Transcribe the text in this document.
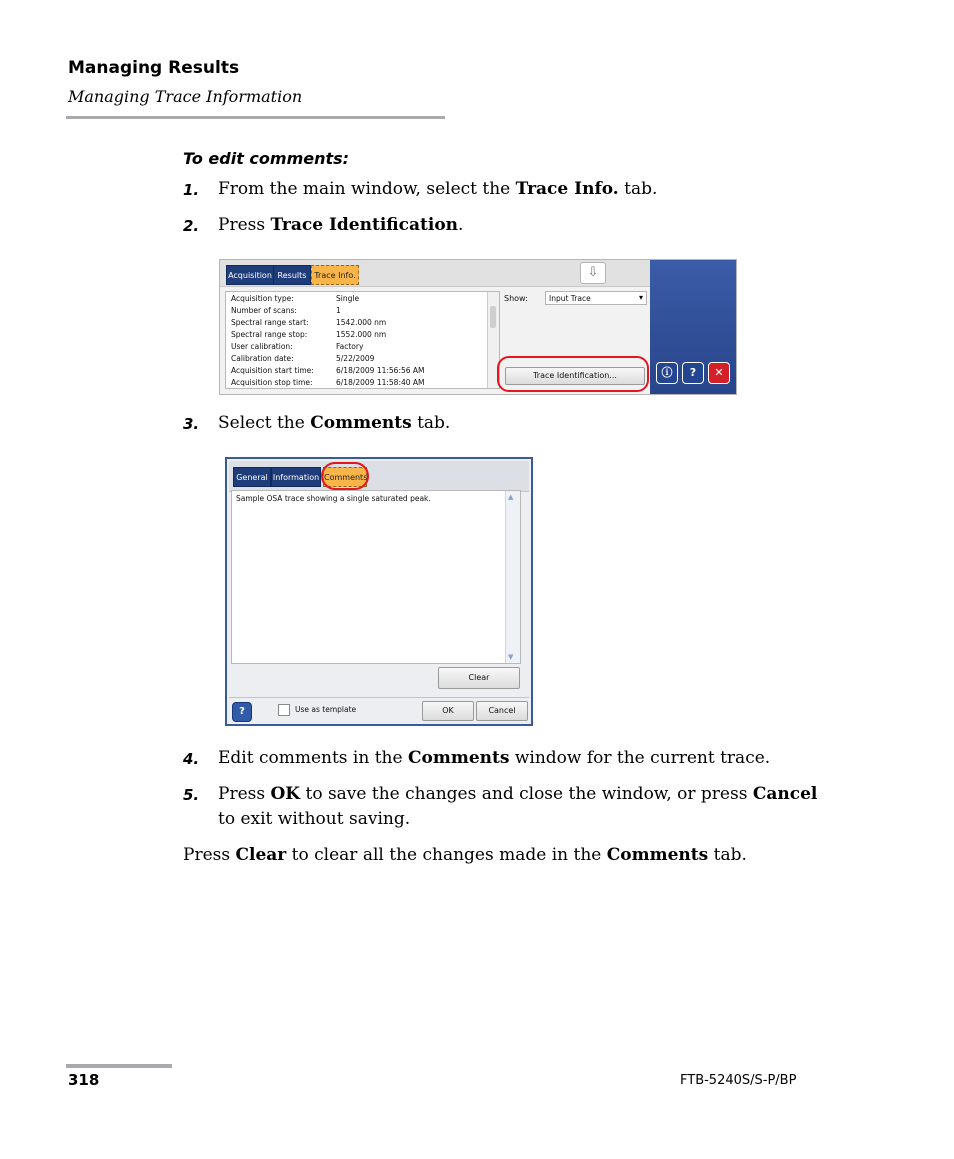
Managing Results
Managing Trace Information
To edit comments:
1. From the main window, select the Trace Info. tab.
2. Press Trace Identification.
Acquisition Results Trace Info.	⇩
Acquisition type:	Single
Number of scans:	1
Spectral range start:	1542.000 nm
Spectral range stop:	1552.000 nm
User calibration:	Factory
Calibration date:	5/22/2009
Acquisition start time:	6/18/2009 11:56:56 AM
Acquisition stop time:	6/18/2009 11:58:40 AM
Show:	Input Trace	▾
Trace Identification...	ⓘ	?	✕
3. Select the Comments tab.
General Information Comments
Sample OSA trace showing a single saturated peak.	▲
▼
Clear
?	Use as template	OK	Cancel
4. Edit comments in the Comments window for the current trace.
5. Press OK to save the changes and close the window, or press Cancel to exit without saving.
Press Clear to clear all the changes made in the Comments tab.
318	FTB-5240S/S-P/BP
